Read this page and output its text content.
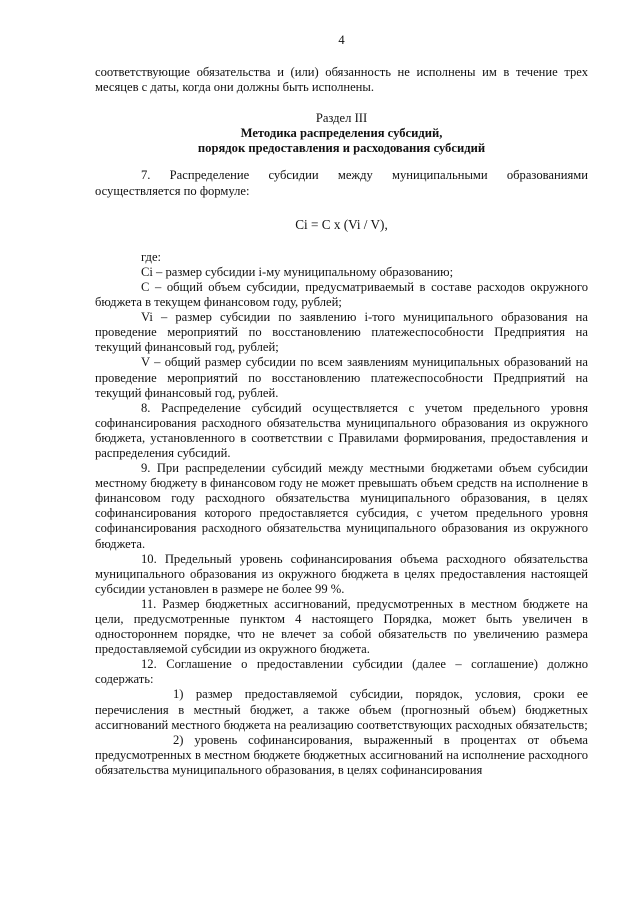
4

соответствующие обязательства и (или) обязанность не исполнены им в течение трех месяцев с даты, когда они должны быть исполнены.

Раздел III
Методика распределения субсидий,
порядок предоставления и расходования субсидий

7. Распределение субсидии между муниципальными образованиями осуществляется по формуле:

Ci = C x (Vi / V),

где:

Ci – размер субсидии i-му муниципальному образованию;

С – общий объем субсидии, предусматриваемый в составе расходов окружного бюджета в текущем финансовом году, рублей;

Vi – размер субсидии по заявлению i-того муниципального образования на проведение мероприятий по восстановлению платежеспособности Предприятия на текущий финансовый год, рублей;

V – общий размер субсидии по всем заявлениям муниципальных образований на проведение мероприятий по восстановлению платежеспособности Предприятий на текущий финансовый год, рублей.

8. Распределение субсидий осуществляется с учетом предельного уровня софинансирования расходного обязательства муниципального образования из окружного бюджета, установленного в соответствии с Правилами формирования, предоставления и распределения субсидий.

9. При распределении субсидий между местными бюджетами объем субсидии местному бюджету в финансовом году не может превышать объем средств на исполнение в финансовом году расходного обязательства муниципального образования, в целях софинансирования которого предоставляется субсидия, с учетом предельного уровня софинансирования расходного обязательства муниципального образования из окружного бюджета.

10. Предельный уровень софинансирования объема расходного обязательства муниципального образования из окружного бюджета в целях предоставления настоящей субсидии установлен в размере не более 99 %.

11. Размер бюджетных ассигнований, предусмотренных в местном бюджете на цели, предусмотренные пунктом 4 настоящего Порядка, может быть увеличен в одностороннем порядке, что не влечет за собой обязательств по увеличению размера предоставляемой субсидии из окружного бюджета.

12. Соглашение о предоставлении субсидии (далее – соглашение) должно содержать:

1) размер предоставляемой субсидии, порядок, условия, сроки ее перечисления в местный бюджет, а также объем (прогнозный объем) бюджетных ассигнований местного бюджета на реализацию соответствующих расходных обязательств;

2) уровень софинансирования, выраженный в процентах от объема предусмотренных в местном бюджете бюджетных ассигнований на исполнение расходного обязательства муниципального образования, в целях софинансирования
